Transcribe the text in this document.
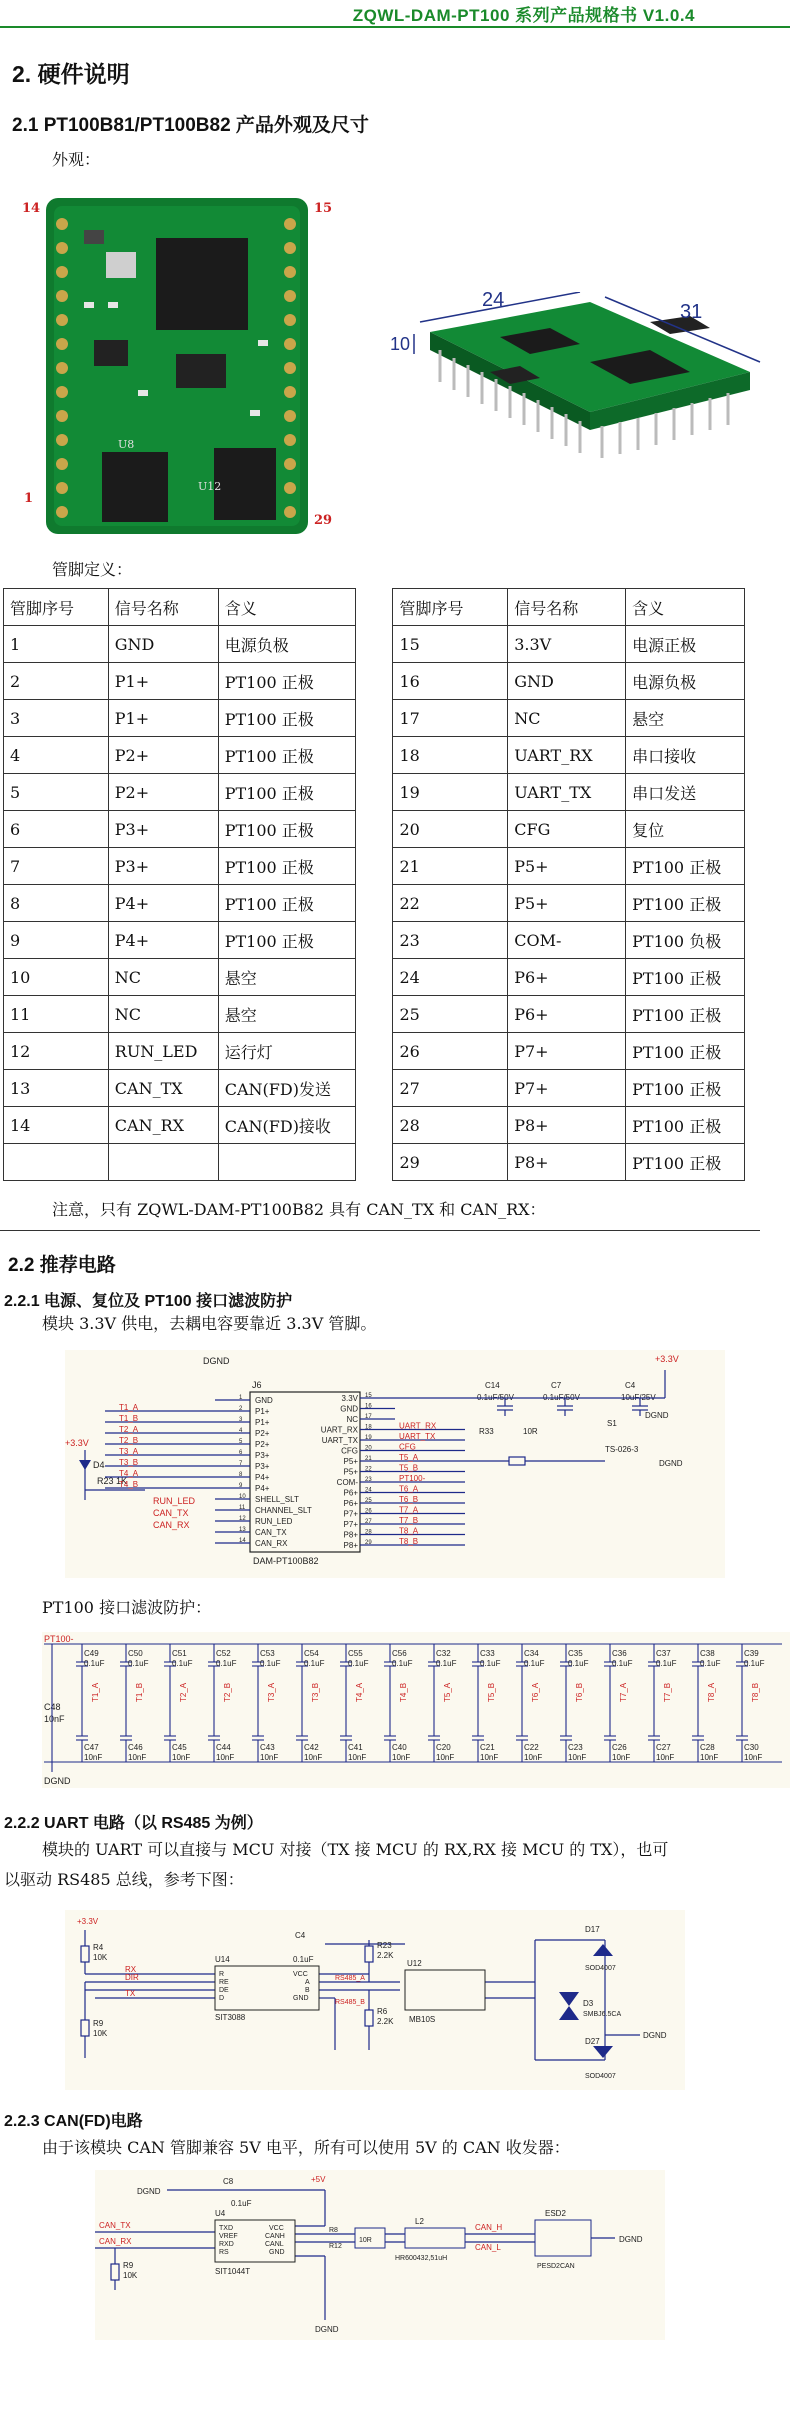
ZQWL-DAM-PT100 系列产品规格书 V1.0.4
2. 硬件说明
2.1 PT100B81/PT100B82 产品外观及尺寸
外观：
14	15
1
29
U8
U12
24
31
10
管脚定义：
管脚序号	信号名称	含义		管脚序号	信号名称	含义
1	GND	电源负极		15	3.3V	电源正极
2	P1+	PT100 正极		16	GND	电源负极
3	P1+	PT100 正极		17	NC	悬空
4	P2+	PT100 正极		18	UART_RX	串口接收
5	P2+	PT100 正极		19	UART_TX	串口发送
6	P3+	PT100 正极		20	CFG	复位
7	P3+	PT100 正极		21	P5+	PT100 正极
8	P4+	PT100 正极		22	P5+	PT100 正极
9	P4+	PT100 正极		23	COM-	PT100 负极
10	NC	悬空		24	P6+	PT100 正极
11	NC	悬空		25	P6+	PT100 正极
12	RUN_LED	运行灯		26	P7+	PT100 正极
13	CAN_TX	CAN(FD)发送		27	P7+	PT100 正极
14	CAN_RX	CAN(FD)接收		28	P8+	PT100 正极
				29	P8+	PT100 正极
注意，只有 ZQWL-DAM-PT100B82 具有 CAN_TX 和 CAN_RX：
2.2 推荐电路
2.2.1 电源、复位及 PT100 接口滤波防护
模块 3.3V 供电，去耦电容要靠近 3.3V 管脚。
DGND
J6
DAM-PT100B82
+3.3V
D4
R23 1K
+3.3V
C14
0.1uF/50V
C7
0.1uF/50V
C4
10uF/25V
DGND
R33	10R
S1
TS-026-3
DGND
RUN_LED
CAN_TX
CAN_RX
GND
1
P1+
2
P1+
3
P2+
4
P2+
5
P3+
6
P3+
7
P4+
8
P4+
9
SHELL_SLT
10
CHANNEL_SLT
11
RUN_LED
12
CAN_TX
13
CAN_RX
14
T1_A
T1_B
T2_A
T2_B
T3_A
T3_B
T4_A
T4_B
3.3V 15
GND 16
NC 17
UART_RX 18
UART_TX 19
CFG 20
P5+ 21
P5+ 22
COM- 23
P6+ 24
P6+ 25
P7+ 26
P7+ 27
P8+ 28
P8+ 29
UART_RX
UART_TX
CFG
T5_A
T5_B
PT100-
T6_A
T6_B
T7_A
T7_B
T8_A
T8_B
PT100 接口滤波防护：
PT100-
C48
10nF
DGND
C49
0.1uF
C47
10nF
T1_A
C50
0.1uF
C46
10nF
T1_B
C51
0.1uF
C45
10nF
T2_A
C52
0.1uF
C44
10nF
T2_B
C53
0.1uF
C43
10nF
T3_A
C54
0.1uF
C42
10nF
T3_B
C55
0.1uF
C41
10nF
T4_A
C56
0.1uF
C40
10nF
T4_B
C32
0.1uF
C20
10nF
T5_A
C33
0.1uF
C21
10nF
T5_B
C34
0.1uF
C22
10nF
T6_A
C35
0.1uF
C23
10nF
T6_B
C36
0.1uF
C26
10nF
T7_A
C37
0.1uF
C27
10nF
T7_B
C38
0.1uF
C28
10nF
T8_A
C39
0.1uF
C30
10nF
T8_B
2.2.2 UART 电路（以 RS485 为例）
模块的 UART 可以直接与 MCU 对接（TX 接 MCU 的 RX,RX 接 MCU 的 TX），也可
以驱动 RS485 总线，参考下图：
+3.3V
R4
10K
RX
DIR
TX
U14
R
RE
DE
D
VCC
A
B
GND
SIT3088
R9
10K
C4
0.1uF
R23
2.2K
R6
2.2K
RS485_A
RS485_B
U12
MB10S
D17
SOD4007
D3
SMBJ6.5CA
D27
SOD4007
DGND
2.2.3 CAN(FD)电路
由于该模块 CAN 管脚兼容 5V 电平，所有可以使用 5V 的 CAN 收发器：
DGND
C8
0.1uF
+5V
U4
TXD
VREF
RXD
RS
VCC
CANH
CANL
GND
SIT1044T
CAN_TX
CAN_RX
R9
10K
R8
R12
10R
L2
HR600432,51uH
CAN_H
CAN_L
ESD2
PESD2CAN
DGND
DGND
